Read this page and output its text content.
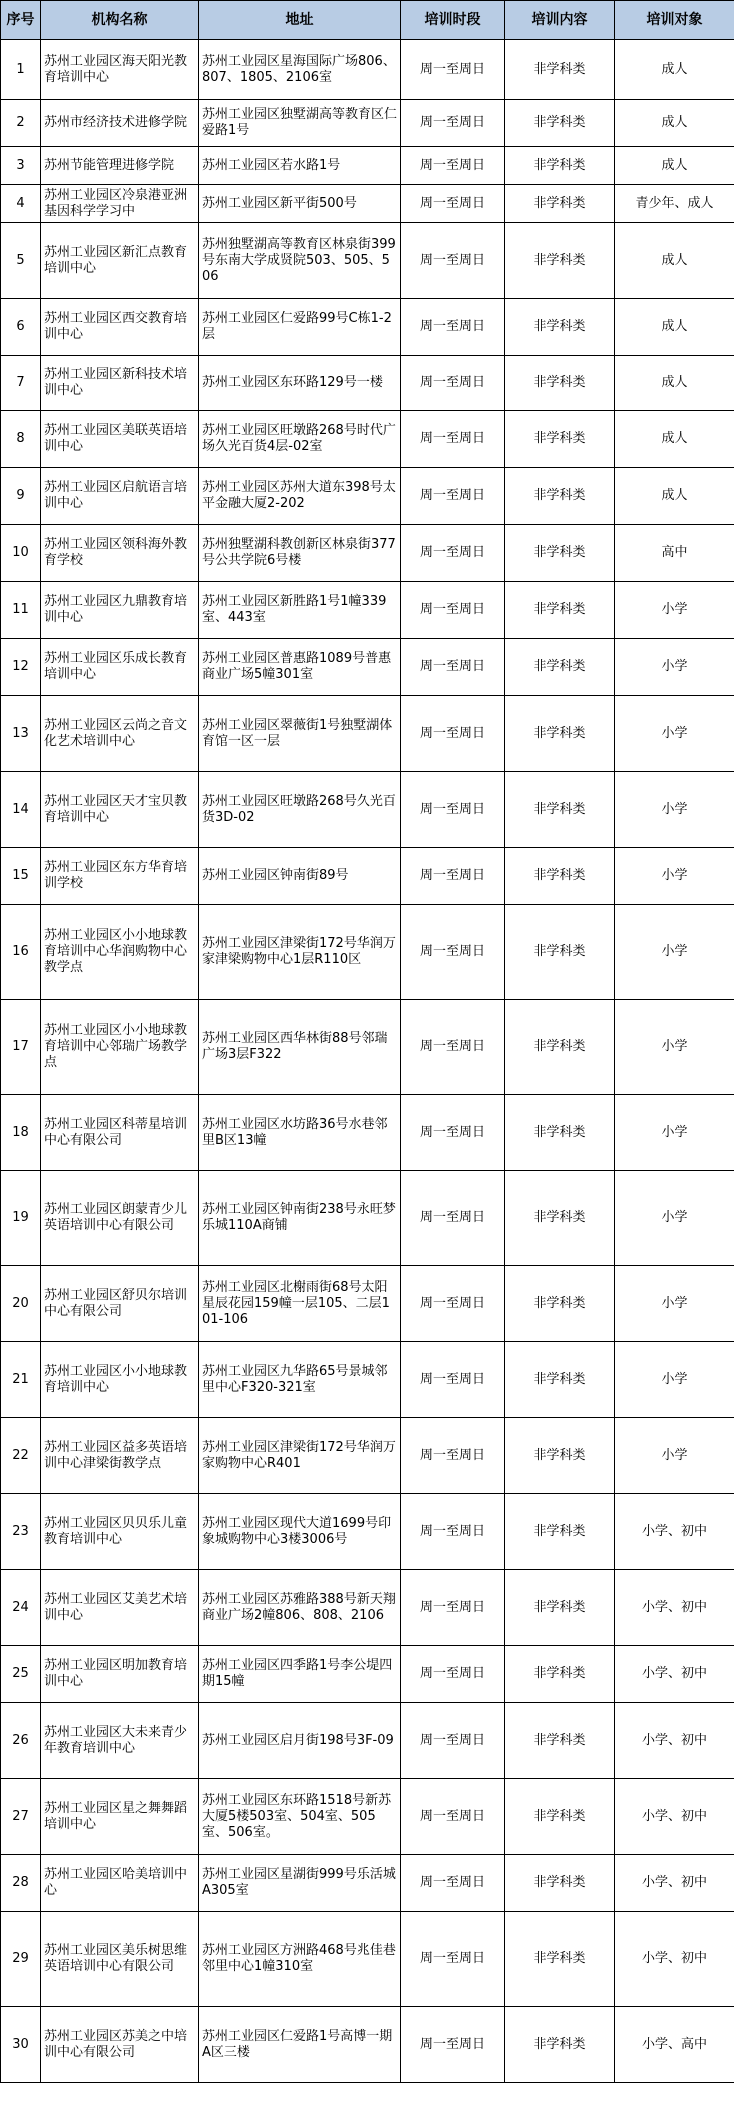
序号	机构名称	地址	培训时段	培训内容	培训对象
1	苏州工业园区海天阳光教育培训中心	苏州工业园区星海国际广场806、807、1805、2106室	周一至周日	非学科类	成人
2	苏州市经济技术进修学院	苏州工业园区独墅湖高等教育区仁爱路1号	周一至周日	非学科类	成人
3	苏州节能管理进修学院	苏州工业园区若水路1号	周一至周日	非学科类	成人
4	苏州工业园区冷泉港亚洲基因科学学习中	苏州工业园区新平街500号	周一至周日	非学科类	青少年、成人
5	苏州工业园区新汇点教育培训中心	苏州独墅湖高等教育区林泉街399号东南大学成贤院503、505、506	周一至周日	非学科类	成人
6	苏州工业园区西交教育培训中心	苏州工业园区仁爱路99号C栋1-2层	周一至周日	非学科类	成人
7	苏州工业园区新科技术培训中心	苏州工业园区东环路129号一楼	周一至周日	非学科类	成人
8	苏州工业园区美联英语培训中心	苏州工业园区旺墩路268号时代广场久光百货4层-02室	周一至周日	非学科类	成人
9	苏州工业园区启航语言培训中心	苏州工业园区苏州大道东398号太平金融大厦2-202	周一至周日	非学科类	成人
10	苏州工业园区领科海外教育学校	苏州独墅湖科教创新区林泉街377号公共学院6号楼	周一至周日	非学科类	高中
11	苏州工业园区九鼎教育培训中心	苏州工业园区新胜路1号1幢339室、443室	周一至周日	非学科类	小学
12	苏州工业园区乐成长教育培训中心	苏州工业园区普惠路1089号普惠商业广场5幢301室	周一至周日	非学科类	小学
13	苏州工业园区云尚之音文化艺术培训中心	苏州工业园区翠薇街1号独墅湖体育馆一区一层	周一至周日	非学科类	小学
14	苏州工业园区天才宝贝教育培训中心	苏州工业园区旺墩路268号久光百货3D-02	周一至周日	非学科类	小学
15	苏州工业园区东方华育培训学校	苏州工业园区钟南街89号	周一至周日	非学科类	小学
16	苏州工业园区小小地球教育培训中心华润购物中心教学点	苏州工业园区津梁街172号华润万家津梁购物中心1层R110区	周一至周日	非学科类	小学
17	苏州工业园区小小地球教育培训中心邻瑞广场教学点	苏州工业园区西华林街88号邻瑞广场3层F322	周一至周日	非学科类	小学
18	苏州工业园区科蒂星培训中心有限公司	苏州工业园区水坊路36号水巷邻里B区13幢	周一至周日	非学科类	小学
19	苏州工业园区朗蒙青少儿英语培训中心有限公司	苏州工业园区钟南街238号永旺梦乐城110A商铺	周一至周日	非学科类	小学
20	苏州工业园区舒贝尔培训中心有限公司	苏州工业园区北榭雨街68号太阳星辰花园159幢一层105、二层101-106	周一至周日	非学科类	小学
21	苏州工业园区小小地球教育培训中心	苏州工业园区九华路65号景城邻里中心F320-321室	周一至周日	非学科类	小学
22	苏州工业园区益多英语培训中心津梁街教学点	苏州工业园区津梁街172号华润万家购物中心R401	周一至周日	非学科类	小学
23	苏州工业园区贝贝乐儿童教育培训中心	苏州工业园区现代大道1699号印象城购物中心3楼3006号	周一至周日	非学科类	小学、初中
24	苏州工业园区艾美艺术培训中心	苏州工业园区苏雅路388号新天翔商业广场2幢806、808、2106	周一至周日	非学科类	小学、初中
25	苏州工业园区明加教育培训中心	苏州工业园区四季路1号李公堤四期15幢	周一至周日	非学科类	小学、初中
26	苏州工业园区大未来青少年教育培训中心	苏州工业园区启月街198号3F-09	周一至周日	非学科类	小学、初中
27	苏州工业园区星之舞舞蹈培训中心	苏州工业园区东环路1518号新苏大厦5楼503室、504室、505室、506室。	周一至周日	非学科类	小学、初中
28	苏州工业园区哈美培训中心	苏州工业园区星湖街999号乐活城A305室	周一至周日	非学科类	小学、初中
29	苏州工业园区美乐树思维英语培训中心有限公司	苏州工业园区方洲路468号兆佳巷邻里中心1幢310室	周一至周日	非学科类	小学、初中
30	苏州工业园区苏美之中培训中心有限公司	苏州工业园区仁爱路1号高博一期A区三楼	周一至周日	非学科类	小学、高中
